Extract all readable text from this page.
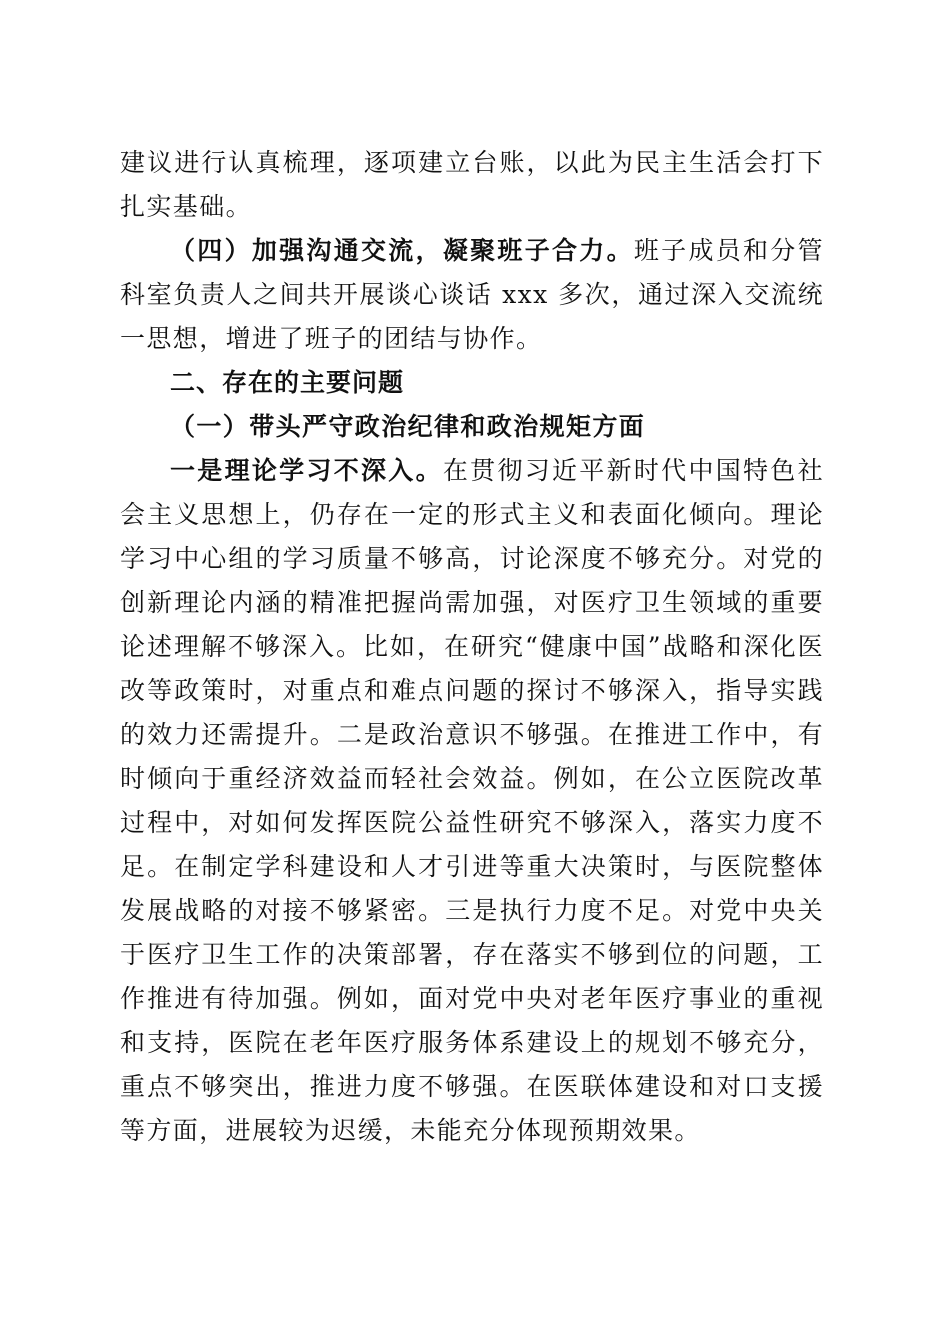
建议进行认真梳理，逐项建立台账，以此为民主生活会打下扎实基础。

（四）加强沟通交流，凝聚班子合力。班子成员和分管科室负责人之间共开展谈心谈话 xxx 多次，通过深入交流统一思想，增进了班子的团结与协作。

二、存在的主要问题

（一）带头严守政治纪律和政治规矩方面

一是理论学习不深入。在贯彻习近平新时代中国特色社会主义思想上，仍存在一定的形式主义和表面化倾向。理论学习中心组的学习质量不够高，讨论深度不够充分。对党的创新理论内涵的精准把握尚需加强，对医疗卫生领域的重要论述理解不够深入。比如，在研究“健康中国”战略和深化医改等政策时，对重点和难点问题的探讨不够深入，指导实践的效力还需提升。二是政治意识不够强。在推进工作中，有时倾向于重经济效益而轻社会效益。例如，在公立医院改革过程中，对如何发挥医院公益性研究不够深入，落实力度不足。在制定学科建设和人才引进等重大决策时，与医院整体发展战略的对接不够紧密。三是执行力度不足。对党中央关于医疗卫生工作的决策部署，存在落实不够到位的问题，工作推进有待加强。例如，面对党中央对老年医疗事业的重视和支持，医院在老年医疗服务体系建设上的规划不够充分，重点不够突出，推进力度不够强。在医联体建设和对口支援等方面，进展较为迟缓，未能充分体现预期效果。
